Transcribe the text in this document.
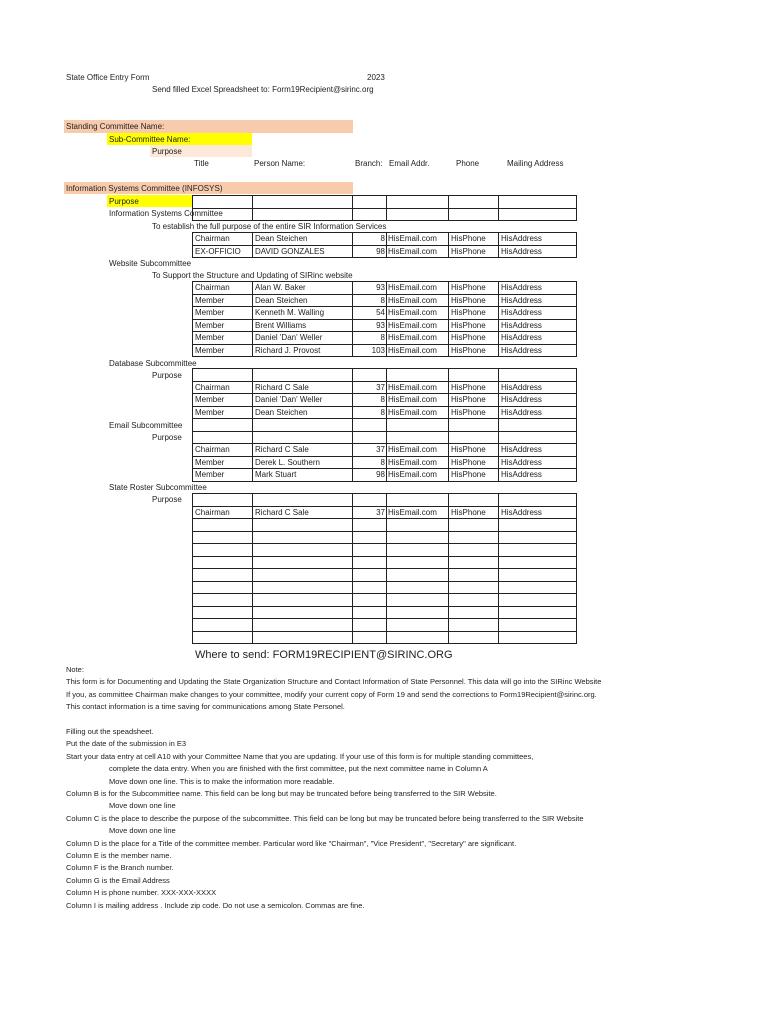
State Office Entry Form	2023
Send filled Excel Spreadsheet to: Form19Recipient@sirinc.org
Standing Committee Name:
Sub-Committee Name:
Purpose
Title	Person Name:	Branch: Email Addr.	Phone	Mailing Address
Information Systems Committee (INFOSYS)
Purpose

Information Systems Committee
To establish the full purpose of the entire SIR Information Services
Chairman	Dean Steichen	8	HisEmail.com	HisPhone	HisAddress
EX-OFFICIO	DAVID GONZALES	98	HisEmail.com	HisPhone	HisAddress
Website Subcommittee
To Support the Structure and Updating of SIRinc website
Chairman	Alan W. Baker	93	HisEmail.com	HisPhone	HisAddress
Member	Dean Steichen	8	HisEmail.com	HisPhone	HisAddress
Member	Kenneth M. Walling	54	HisEmail.com	HisPhone	HisAddress
Member	Brent Williams	93	HisEmail.com	HisPhone	HisAddress
Member	Daniel 'Dan' Weller	8	HisEmail.com	HisPhone	HisAddress
Member	Richard J. Provost	103	HisEmail.com	HisPhone	HisAddress
Database Subcommittee
Purpose

Chairman	Richard C Sale	37	HisEmail.com	HisPhone	HisAddress
Member	Daniel 'Dan' Weller	8	HisEmail.com	HisPhone	HisAddress
Member	Dean Steichen	8	HisEmail.com	HisPhone	HisAddress
Email Subcommittee
Purpose

Chairman	Richard C Sale	37	HisEmail.com	HisPhone	HisAddress
Member	Derek L. Southern	8	HisEmail.com	HisPhone	HisAddress
Member	Mark Stuart	98	HisEmail.com	HisPhone	HisAddress
State Roster Subcommittee
Purpose

Chairman	Richard C Sale	37	HisEmail.com	HisPhone	HisAddress

Where to send: FORM19RECIPIENT@SIRINC.ORG
Note:
This form is for Documenting and Updating the State Organization Structure and Contact Information of State Personnel. This data will go into the SIRinc Website
If you, as committee Chairman make changes to your committee, modify your current copy of Form 19 and send the corrections to Form19Recipient@sirinc.org.
This contact information is a time saving for communications among State Personel.
Filling out the speadsheet.
Put the date of the submission in E3
Start your data entry at cell A10 with your Committee Name that you are updating. If your use of this form is for multiple standing committees,
complete the data entry. When you are finished with the first committee, put the next committee name in Column A
Move down one line. This is to make the information more readable.
Column B is for the Subcommittee name. This field can be long but may be truncated before being transferred to the SIR Website.
Move down one line
Column C is the place to describe the purpose of the subcommittee. This field can be long but may be truncated before being transferred to the SIR Website
Move down one line
Column D is the place for a Title of the committee member. Particular word like "Chairman", "Vice President", "Secretary" are significant.
Column E is the member name.
Column F is the Branch number.
Column G is the Email Address
Column H is phone number. XXX-XXX-XXXX
Column I is mailing address . Include zip code. Do not use a semicolon. Commas are fine.
